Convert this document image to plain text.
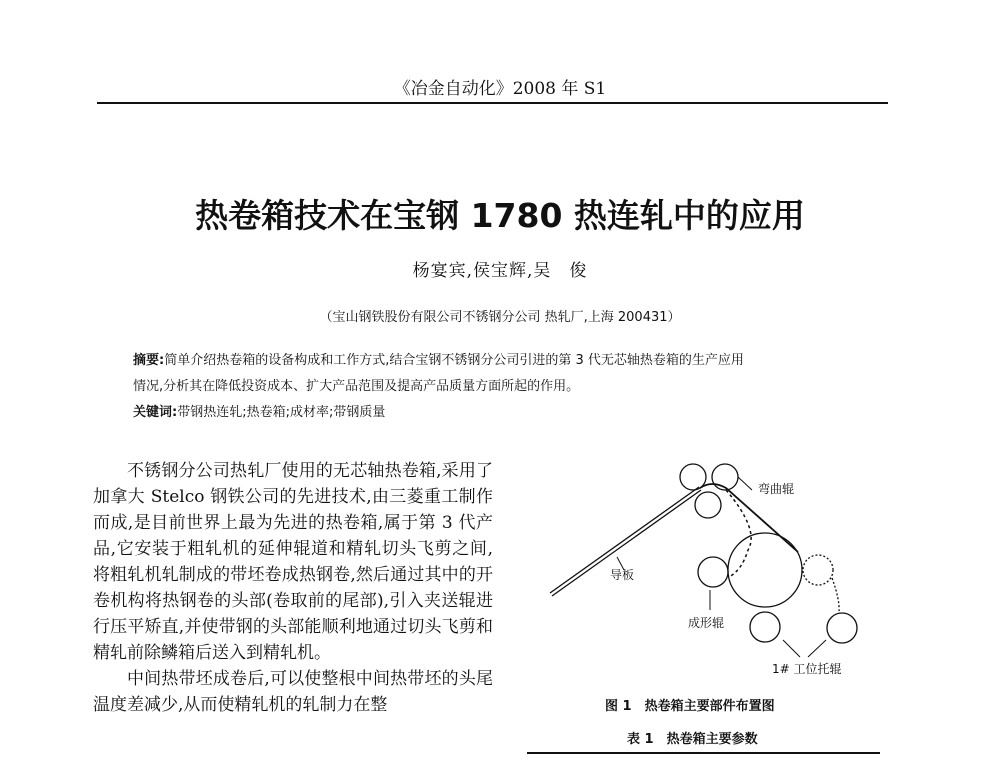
《冶金自动化》2008 年 S1
热卷箱技术在宝钢 1780 热连轧中的应用
杨宴宾,侯宝辉,吴　俊
（宝山钢铁股份有限公司不锈钢分公司 热轧厂,上海 200431）
摘要:简单介绍热卷箱的设备构成和工作方式,结合宝钢不锈钢分公司引进的第 3 代无芯轴热卷箱的生产应用
情况,分析其在降低投资成本、扩大产品范围及提高产品质量方面所起的作用。
关键词:带钢热连轧;热卷箱;成材率;带钢质量

不锈钢分公司热轧厂使用的无芯轴热卷箱,采用了加拿大 Stelco 钢铁公司的先进技术,由三菱重工制作而成,是目前世界上最为先进的热卷箱,属于第 3 代产品,它安装于粗轧机的延伸辊道和精轧切头飞剪之间,将粗轧机轧制成的带坯卷成热钢卷,然后通过其中的开卷机构将热钢卷的头部(卷取前的尾部),引入夹送辊进行压平矫直,并使带钢的头部能顺利地通过切头飞剪和精轧前除鳞箱后送入到精轧机。

中间热带坯成卷后,可以使整根中间热带坯的头尾温度差减少,从而使精轧机的轧制力在整

弯曲辊
导板
成形辊
1# 工位托辊
图 1　热卷箱主要部件布置图
表 1　热卷箱主要参数
